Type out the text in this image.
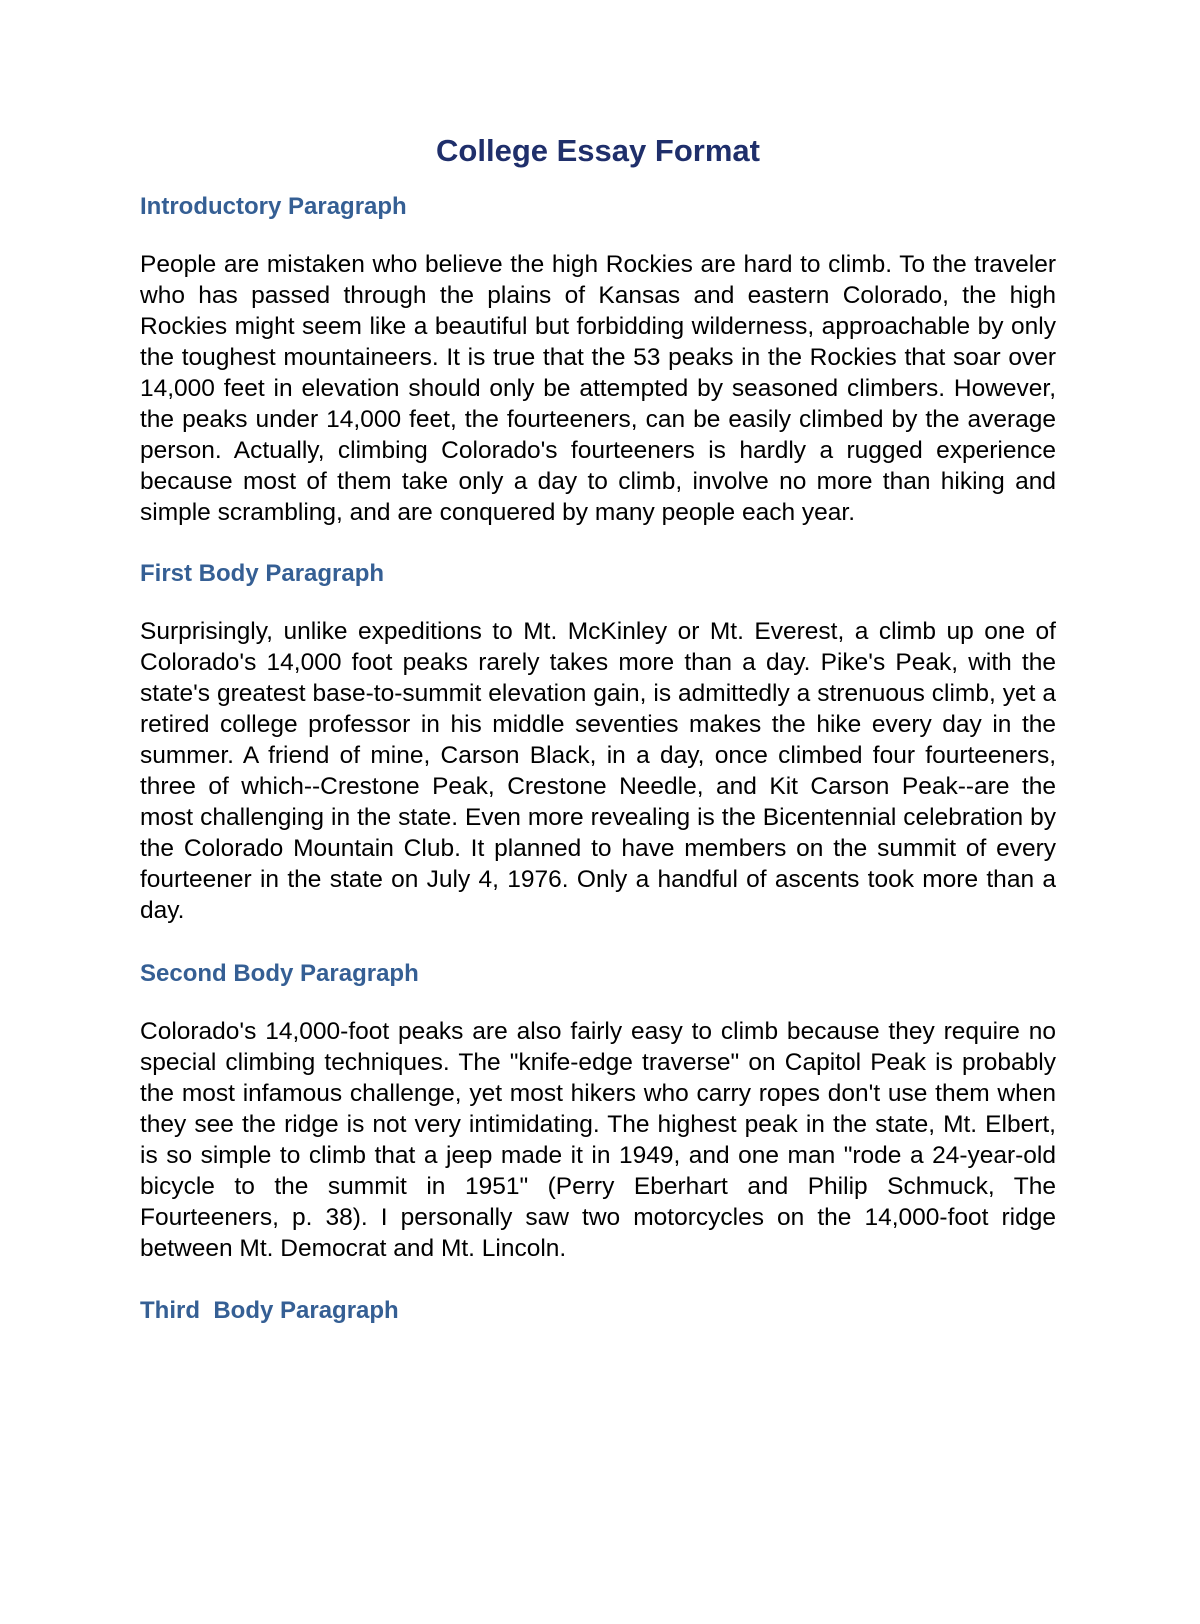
College Essay Format
Introductory Paragraph

People are mistaken who believe the high Rockies are hard to climb. To the traveler who has passed through the plains of Kansas and eastern Colorado, the high Rockies might seem like a beautiful but forbidding wilderness, approachable by only the toughest mountaineers. It is true that the 53 peaks in the Rockies that soar over 14,000 feet in elevation should only be attempted by seasoned climbers. However, the peaks under 14,000 feet, the fourteeners, can be easily climbed by the average person. Actually, climbing Colorado's fourteeners is hardly a rugged experience because most of them take only a day to climb, involve no more than hiking and simple scrambling, and are conquered by many people each year.

First Body Paragraph

Surprisingly, unlike expeditions to Mt. McKinley or Mt. Everest, a climb up one of Colorado's 14,000 foot peaks rarely takes more than a day. Pike's Peak, with the state's greatest base-to-summit elevation gain, is admittedly a strenuous climb, yet a retired college professor in his middle seventies makes the hike every day in the summer. A friend of mine, Carson Black, in a day, once climbed four fourteeners, three of which--Crestone Peak, Crestone Needle, and Kit Carson Peak--are the most challenging in the state. Even more revealing is the Bicentennial celebration by the Colorado Mountain Club. It planned to have members on the summit of every fourteener in the state on July 4, 1976. Only a handful of ascents took more than a day.

Second Body Paragraph

Colorado's 14,000-foot peaks are also fairly easy to climb because they require no special climbing techniques. The "knife-edge traverse" on Capitol Peak is probably the most infamous challenge, yet most hikers who carry ropes don't use them when they see the ridge is not very intimidating. The highest peak in the state, Mt. Elbert, is so simple to climb that a jeep made it in 1949, and one man "rode a 24-year-old bicycle to the summit in 1951" (Perry Eberhart and Philip Schmuck, The Fourteeners, p. 38). I personally saw two motorcycles on the 14,000-foot ridge between Mt. Democrat and Mt. Lincoln.

Third  Body Paragraph
